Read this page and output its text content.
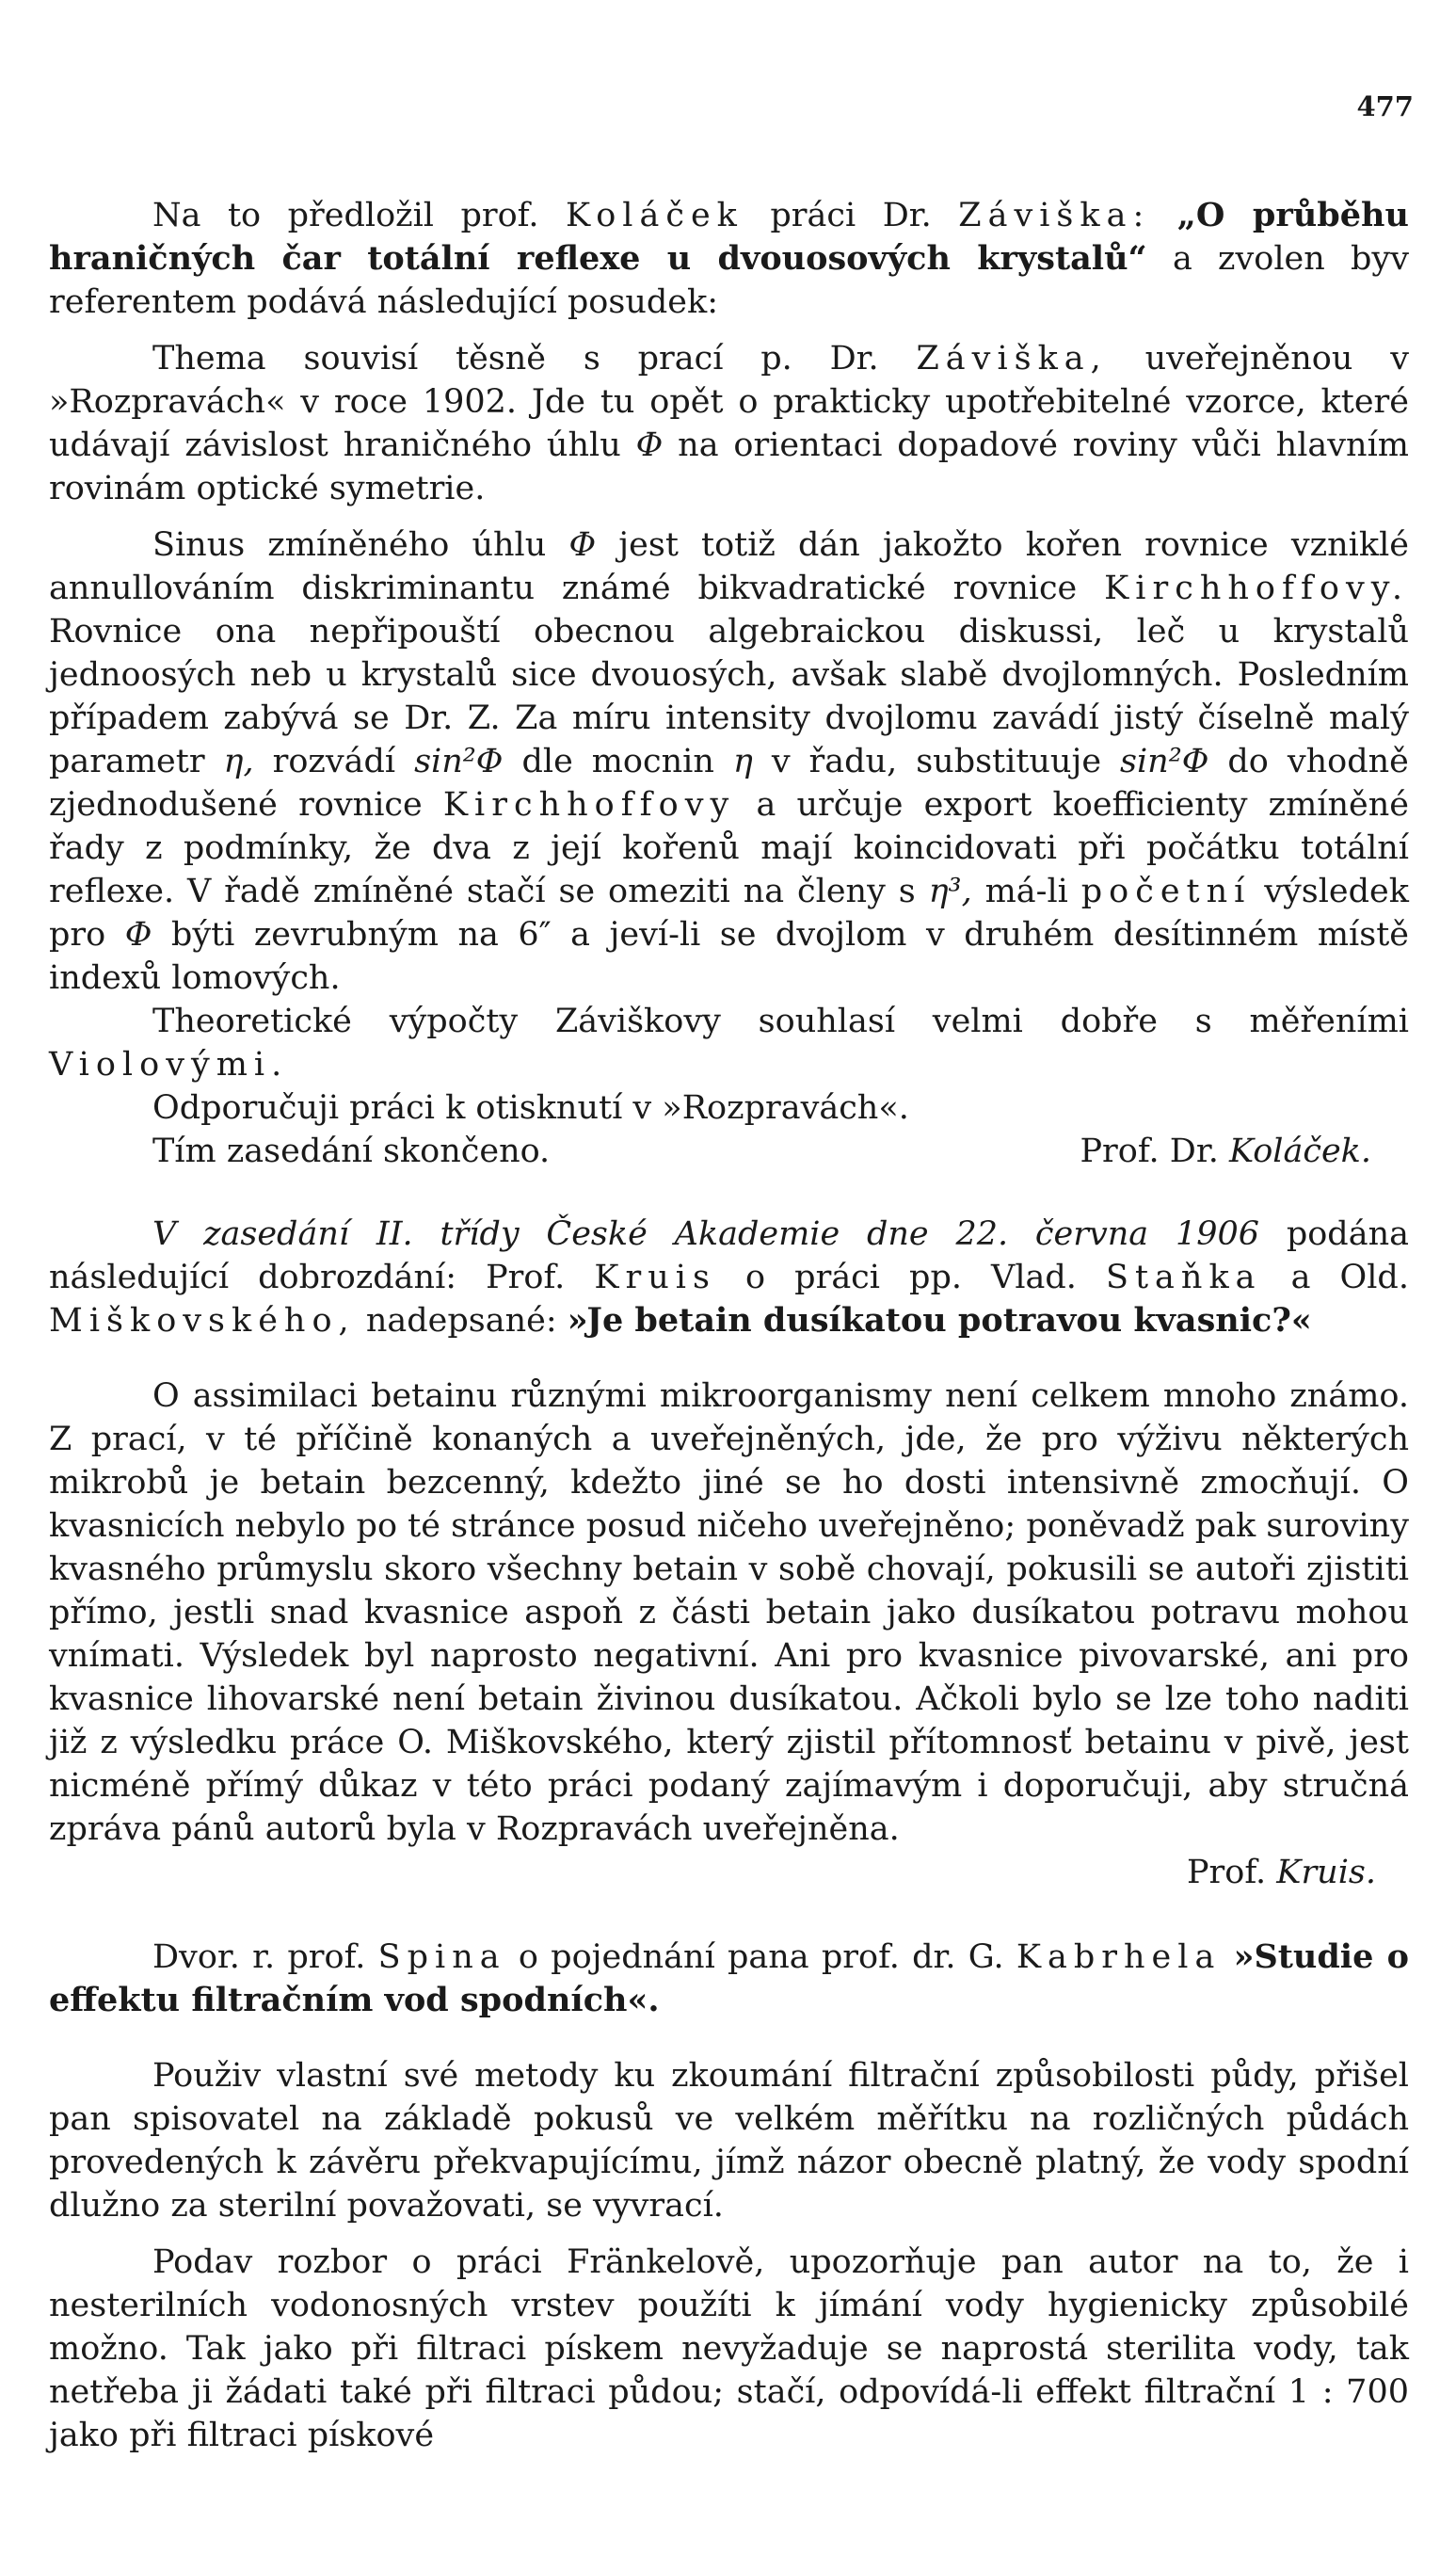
477

Na to předložil prof. Koláček práci Dr. Záviška: „O průběhu hraničných čar totální reflexe u dvouosových krystalů“ a zvolen byv referentem podává následující posudek:

Thema souvisí těsně s prací p. Dr. Záviška, uveřejněnou v »Rozpravách« v roce 1902. Jde tu opět o prakticky upotřebitelné vzorce, které udávají závislost hraničného úhlu Φ na orientaci dopadové roviny vůči hlavním rovinám optické symetrie.

Sinus zmíněného úhlu Φ jest totiž dán jakožto kořen rovnice vzniklé annullováním diskriminantu známé bikvadratické rovnice Kirchhoffovy. Rovnice ona nepřipouští obecnou algebraickou diskussi, leč u krystalů jednoosých neb u krystalů sice dvouosých, avšak slabě dvojlomných. Posledním případem zabývá se Dr. Z. Za míru intensity dvojlomu zavádí jistý číselně malý parametr η, rozvádí sin²Φ dle mocnin η v řadu, substituuje sin²Φ do vhodně zjednodušené rovnice Kirchhoffovy a určuje export koefficienty zmíněné řady z podmínky, že dva z její kořenů mají koincidovati při počátku totální reflexe. V řadě zmíněné stačí se omeziti na členy s η³, má-li početní výsledek pro Φ býti zevrubným na 6″ a jeví-li se dvojlom v druhém desítinném místě indexů lomových.

Theoretické výpočty Záviškovy souhlasí velmi dobře s měřeními Violovými.

Odporučuji práci k otisknutí v »Rozpravách«.

Tím zasedání skončeno.	Prof. Dr. Koláček.

V zasedání II. třídy České Akademie dne 22. června 1906 podána následující dobrozdání: Prof. Kruis o práci pp. Vlad. Staňka a Old. Miškovského, nadepsané: »Je betain dusíkatou potravou kvasnic?«

O assimilaci betainu různými mikroorganismy není celkem mnoho známo. Z prací, v té příčině konaných a uveřejněných, jde, že pro výživu některých mikrobů je betain bezcenný, kdežto jiné se ho dosti intensivně zmocňují. O kvasnicích nebylo po té stránce posud ničeho uveřejněno; poněvadž pak suroviny kvasného průmyslu skoro všechny betain v sobě chovají, pokusili se autoři zjistiti přímo, jestli snad kvasnice aspoň z části betain jako dusíkatou potravu mohou vnímati. Výsledek byl naprosto negativní. Ani pro kvasnice pivovarské, ani pro kvasnice lihovarské není betain živinou dusíkatou. Ačkoli bylo se lze toho naditi již z výsledku práce O. Miškovského, který zjistil přítomnosť betainu v pivě, jest nicméně přímý důkaz v této práci podaný zajímavým i doporučuji, aby stručná zpráva pánů autorů byla v Rozpravách uveřejněna.

Prof. Kruis.

Dvor. r. prof. Spina o pojednání pana prof. dr. G. Kabrhela »Studie o effektu filtračním vod spodních«.

Použiv vlastní své metody ku zkoumání filtrační způsobilosti půdy, přišel pan spisovatel na základě pokusů ve velkém měřítku na rozličných půdách provedených k závěru překvapujícímu, jímž názor obecně platný, že vody spodní dlužno za sterilní považovati, se vyvrací.

Podav rozbor o práci Fränkelově, upozorňuje pan autor na to, že i nesterilních vodonosných vrstev použíti k jímání vody hygienicky způsobilé možno. Tak jako při filtraci pískem nevyžaduje se naprostá sterilita vody, tak netřeba ji žádati také při filtraci půdou; stačí, odpovídá-li effekt filtrační 1 : 700 jako při filtraci pískové
